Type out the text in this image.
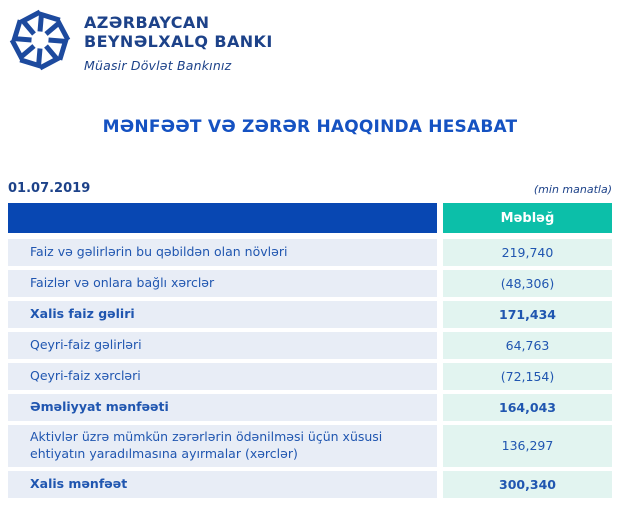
AZƏRBAYCAN
BEYNƏLXALQ BANKI
Müasir Dövlət Bankınız
MƏNFƏƏT VƏ ZƏRƏR HAQQINDA HESABAT
01.07.2019	(min manatla)
Məbləğ
Faiz və gəlirlərin bu qəbildən olan növləri	219,740
Faizlər və onlara bağlı xərclər	(48,306)
Xalis faiz gəliri	171,434
Qeyri-faiz gəlirləri	64,763
Qeyri-faiz xərcləri	(72,154)
Əməliyyat mənfəəti	164,043
Aktivlər üzrə mümkün zərərlərin ödənilməsi üçün xüsusi ehtiyatın yaradılmasına ayırmalar (xərclər)	136,297
Xalis mənfəət	300,340
